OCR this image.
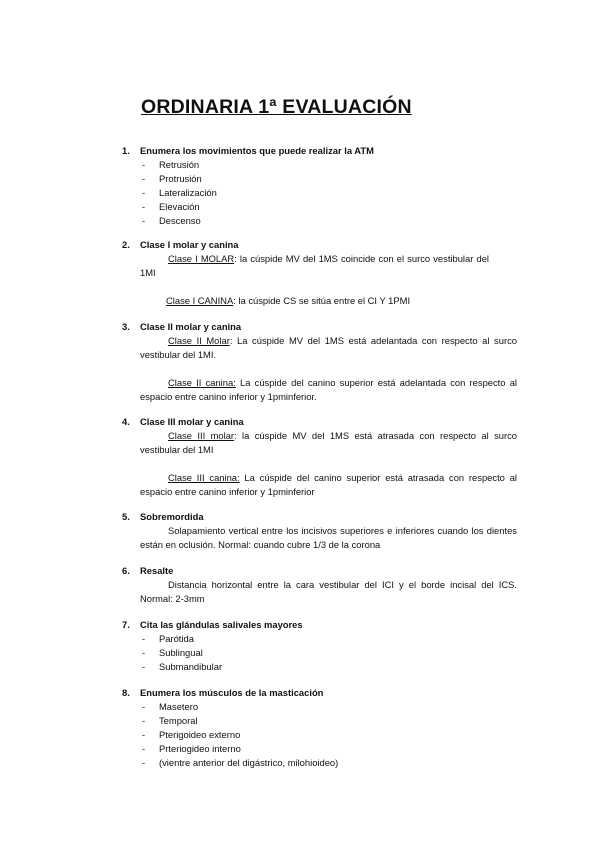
ORDINARIA 1ª EVALUACIÓN
1. Enumera los movimientos que puede realizar la ATM
-	Retrusión
-	Protrusión
-	Lateralización
-	Elevación
-	Descenso
2. Clase I molar y canina
Clase I MOLAR: la cúspide MV del 1MS coincide con el surco vestibular del 1MI
Clase I CANINA: la cúspide CS se sitúa entre el CI Y 1PMI
3. Clase II molar y canina
Clase II Molar: La cúspide MV del 1MS está adelantada con respecto al surco vestibular del 1MI.
Clase II canina: La cúspide del canino superior está adelantada con respecto al espacio entre canino inferior y 1pminferior.
4. Clase III molar y canina
Clase III molar: la cúspide MV del 1MS está atrasada con respecto al surco vestibular del 1MI
Clase III canina: La cúspide del canino superior está atrasada con respecto al espacio entre canino inferior y 1pminferior
5. Sobremordida
Solapamiento vertical entre los incisivos superiores e inferiores cuando los dientes están en oclusión. Normal: cuando cubre 1/3 de la corona
6. Resalte
Distancia horizontal entre la cara vestibular del ICI y el borde incisal del ICS. Normal: 2-3mm
7. Cita las glándulas salivales mayores
-	Parótida
-	Sublingual
-	Submandibular
8. Enumera los músculos de la masticación
-	Masetero
-	Temporal
-	Pterigoideo externo
-	Prteriogideo interno
-	(vientre anterior del digástrico, milohioideo)
